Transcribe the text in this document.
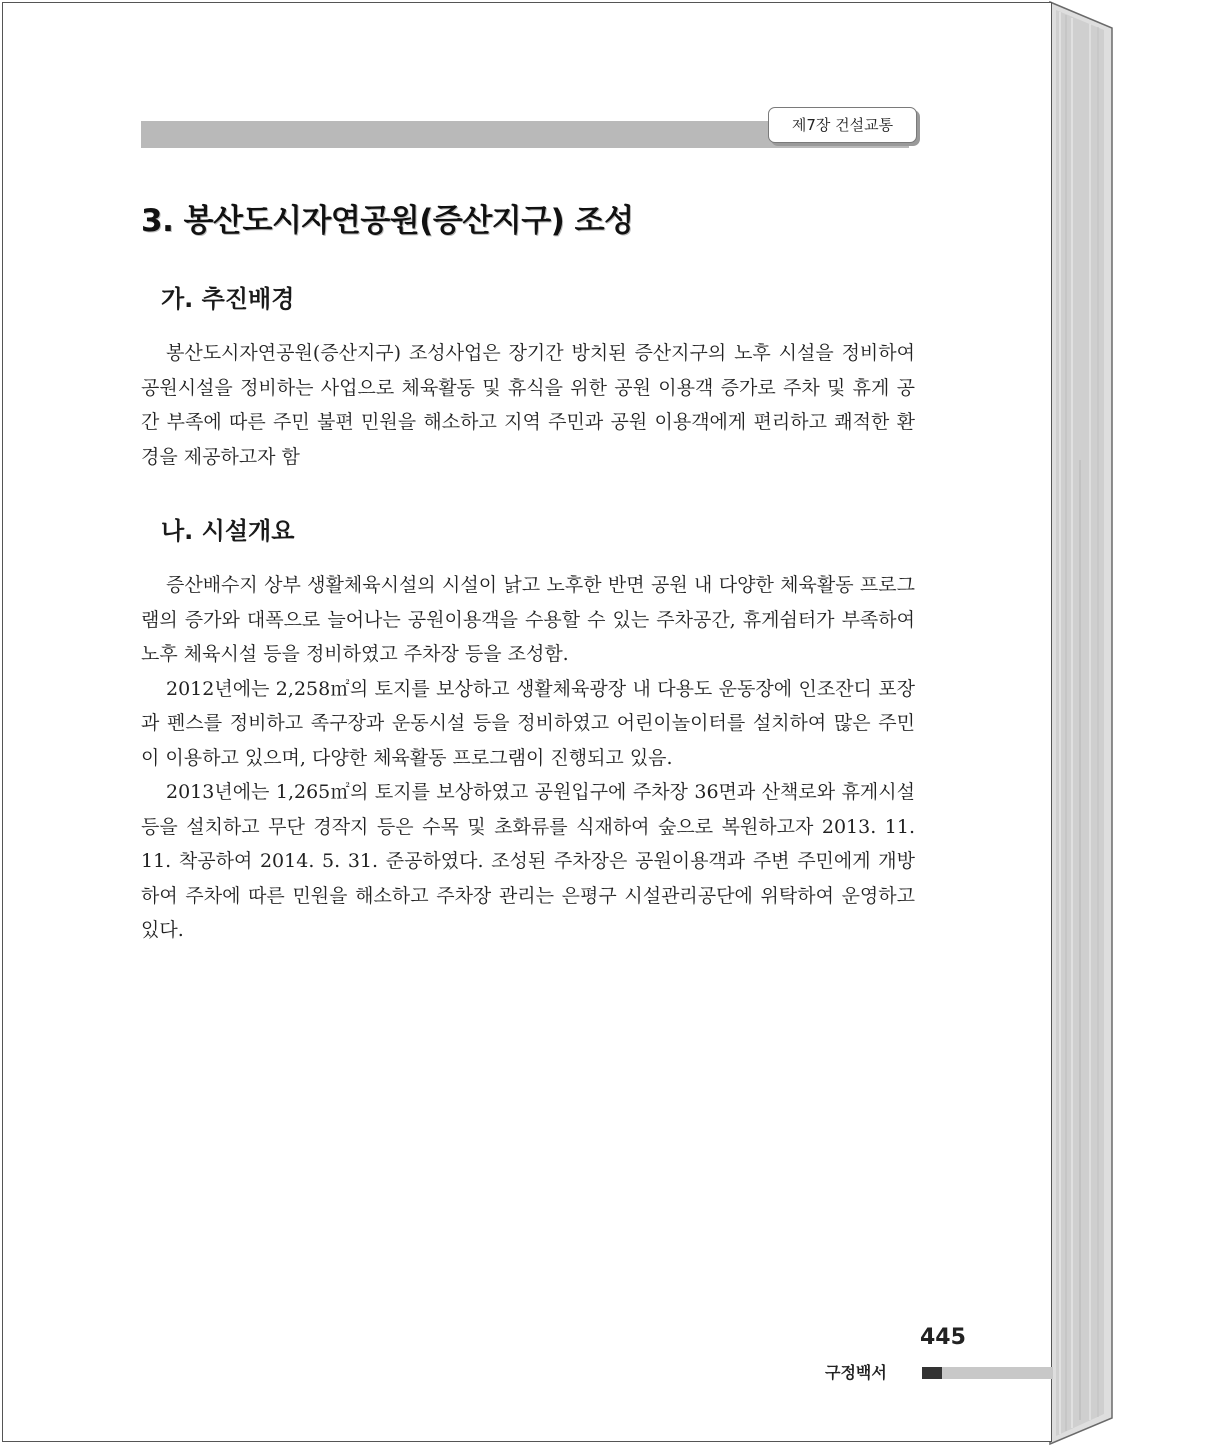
제7장 건설교통
3. 봉산도시자연공원(증산지구) 조성
가. 추진배경

봉산도시자연공원(증산지구) 조성사업은 장기간 방치된 증산지구의 노후 시설을 정비하여 공원시설을 정비하는 사업으로 체육활동 및 휴식을 위한 공원 이용객 증가로 주차 및 휴게 공간 부족에 따른 주민 불편 민원을 해소하고 지역 주민과 공원 이용객에게 편리하고 쾌적한 환경을 제공하고자 함

나. 시설개요

증산배수지 상부 생활체육시설의 시설이 낡고 노후한 반면 공원 내 다양한 체육활동 프로그램의 증가와 대폭으로 늘어나는 공원이용객을 수용할 수 있는 주차공간, 휴게쉼터가 부족하여 노후 체육시설 등을 정비하였고 주차장 등을 조성함.

2012년에는 2,258㎡의 토지를 보상하고 생활체육광장 내 다용도 운동장에 인조잔디 포장과 펜스를 정비하고 족구장과 운동시설 등을 정비하였고 어린이놀이터를 설치하여 많은 주민이 이용하고 있으며, 다양한 체육활동 프로그램이 진행되고 있음.

2013년에는 1,265㎡의 토지를 보상하였고 공원입구에 주차장 36면과 산책로와 휴게시설 등을 설치하고 무단 경작지 등은 수목 및 초화류를 식재하여 숲으로 복원하고자 2013. 11. 11. 착공하여 2014. 5. 31. 준공하였다. 조성된 주차장은 공원이용객과 주변 주민에게 개방하여 주차에 따른 민원을 해소하고 주차장 관리는 은평구 시설관리공단에 위탁하여 운영하고 있다.

445
구정백서
